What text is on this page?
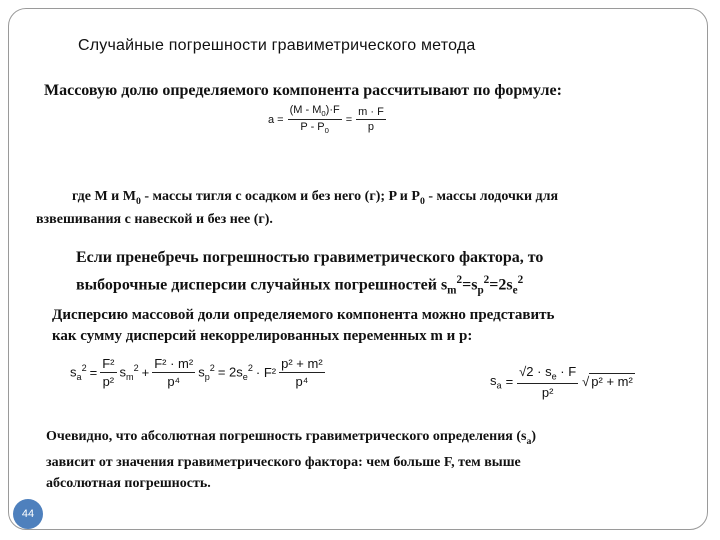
Случайные погрешности гравиметрического метода
Массовую долю определяемого компонента рассчитывают по формуле:
$a = \frac{(M - M_0)\cdot F}{P - P_0} = \frac{m \cdot F}{p}$
где M и $M_0$ - массы тигля с осадком и без него (г); P и $P_0$ - массы лодочки для
взвешивания с навеской и без нее (г).
Если пренебречь погрешностью гравиметрического фактора, то
выборочные дисперсии случайных погрешностей $s_m^2=s_p^2=2s_e^2$
Дисперсию массовой доли определяемого компонента можно представить
как сумму дисперсий некоррелированных переменных m и p:
$s_a^2 = \frac{\text{F²}}{\text{p²}} s_m^2 + \frac{\text{F² · m²}}{\text{p⁴}} s_p^2 = 2s_e^2 \cdot F^2 \frac{\text{p² + m²}}{\text{p⁴}}$	$s_a = \frac{√2 \cdot s_e \cdot F}{\text{p²}}$ √ p² + m²
Очевидно, что абсолютная погрешность гравиметрического определения $(s_a)$
зависит от значения гравиметрического фактора: чем больше F, тем выше
абсолютная погрешность.
44
